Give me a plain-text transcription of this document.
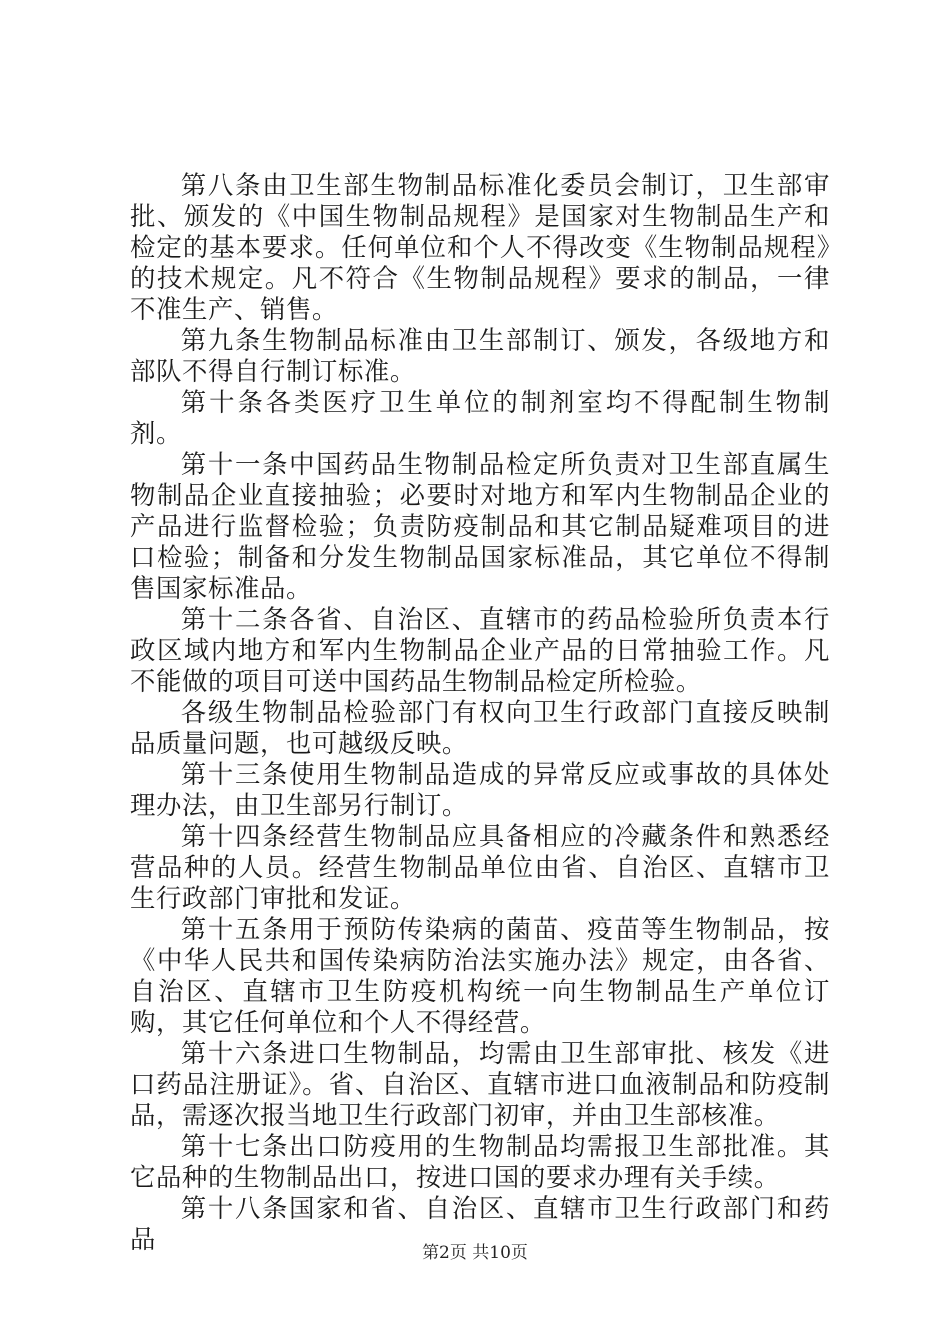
第八条由卫生部生物制品标准化委员会制订，卫生部审批、颁发的《中国生物制品规程》是国家对生物制品生产和检定的基本要求。任何单位和个人不得改变《生物制品规程》的技术规定。凡不符合《生物制品规程》要求的制品，一律不准生产、销售。

第九条生物制品标准由卫生部制订、颁发，各级地方和部队不得自行制订标准。

第十条各类医疗卫生单位的制剂室均不得配制生物制剂。

第十一条中国药品生物制品检定所负责对卫生部直属生物制品企业直接抽验；必要时对地方和军内生物制品企业的产品进行监督检验；负责防疫制品和其它制品疑难项目的进口检验；制备和分发生物制品国家标准品，其它单位不得制售国家标准品。

第十二条各省、自治区、直辖市的药品检验所负责本行政区域内地方和军内生物制品企业产品的日常抽验工作。凡不能做的项目可送中国药品生物制品检定所检验。

各级生物制品检验部门有权向卫生行政部门直接反映制品质量问题，也可越级反映。

第十三条使用生物制品造成的异常反应或事故的具体处理办法，由卫生部另行制订。

第十四条经营生物制品应具备相应的冷藏条件和熟悉经营品种的人员。经营生物制品单位由省、自治区、直辖市卫生行政部门审批和发证。

第十五条用于预防传染病的菌苗、疫苗等生物制品，按《中华人民共和国传染病防治法实施办法》规定，由各省、自治区、直辖市卫生防疫机构统一向生物制品生产单位订购，其它任何单位和个人不得经营。

第十六条进口生物制品，均需由卫生部审批、核发《进口药品注册证》。省、自治区、直辖市进口血液制品和防疫制品，需逐次报当地卫生行政部门初审，并由卫生部核准。

第十七条出口防疫用的生物制品均需报卫生部批准。其它品种的生物制品出口，按进口国的要求办理有关手续。

第十八条国家和省、自治区、直辖市卫生行政部门和药品	第2页 共10页
